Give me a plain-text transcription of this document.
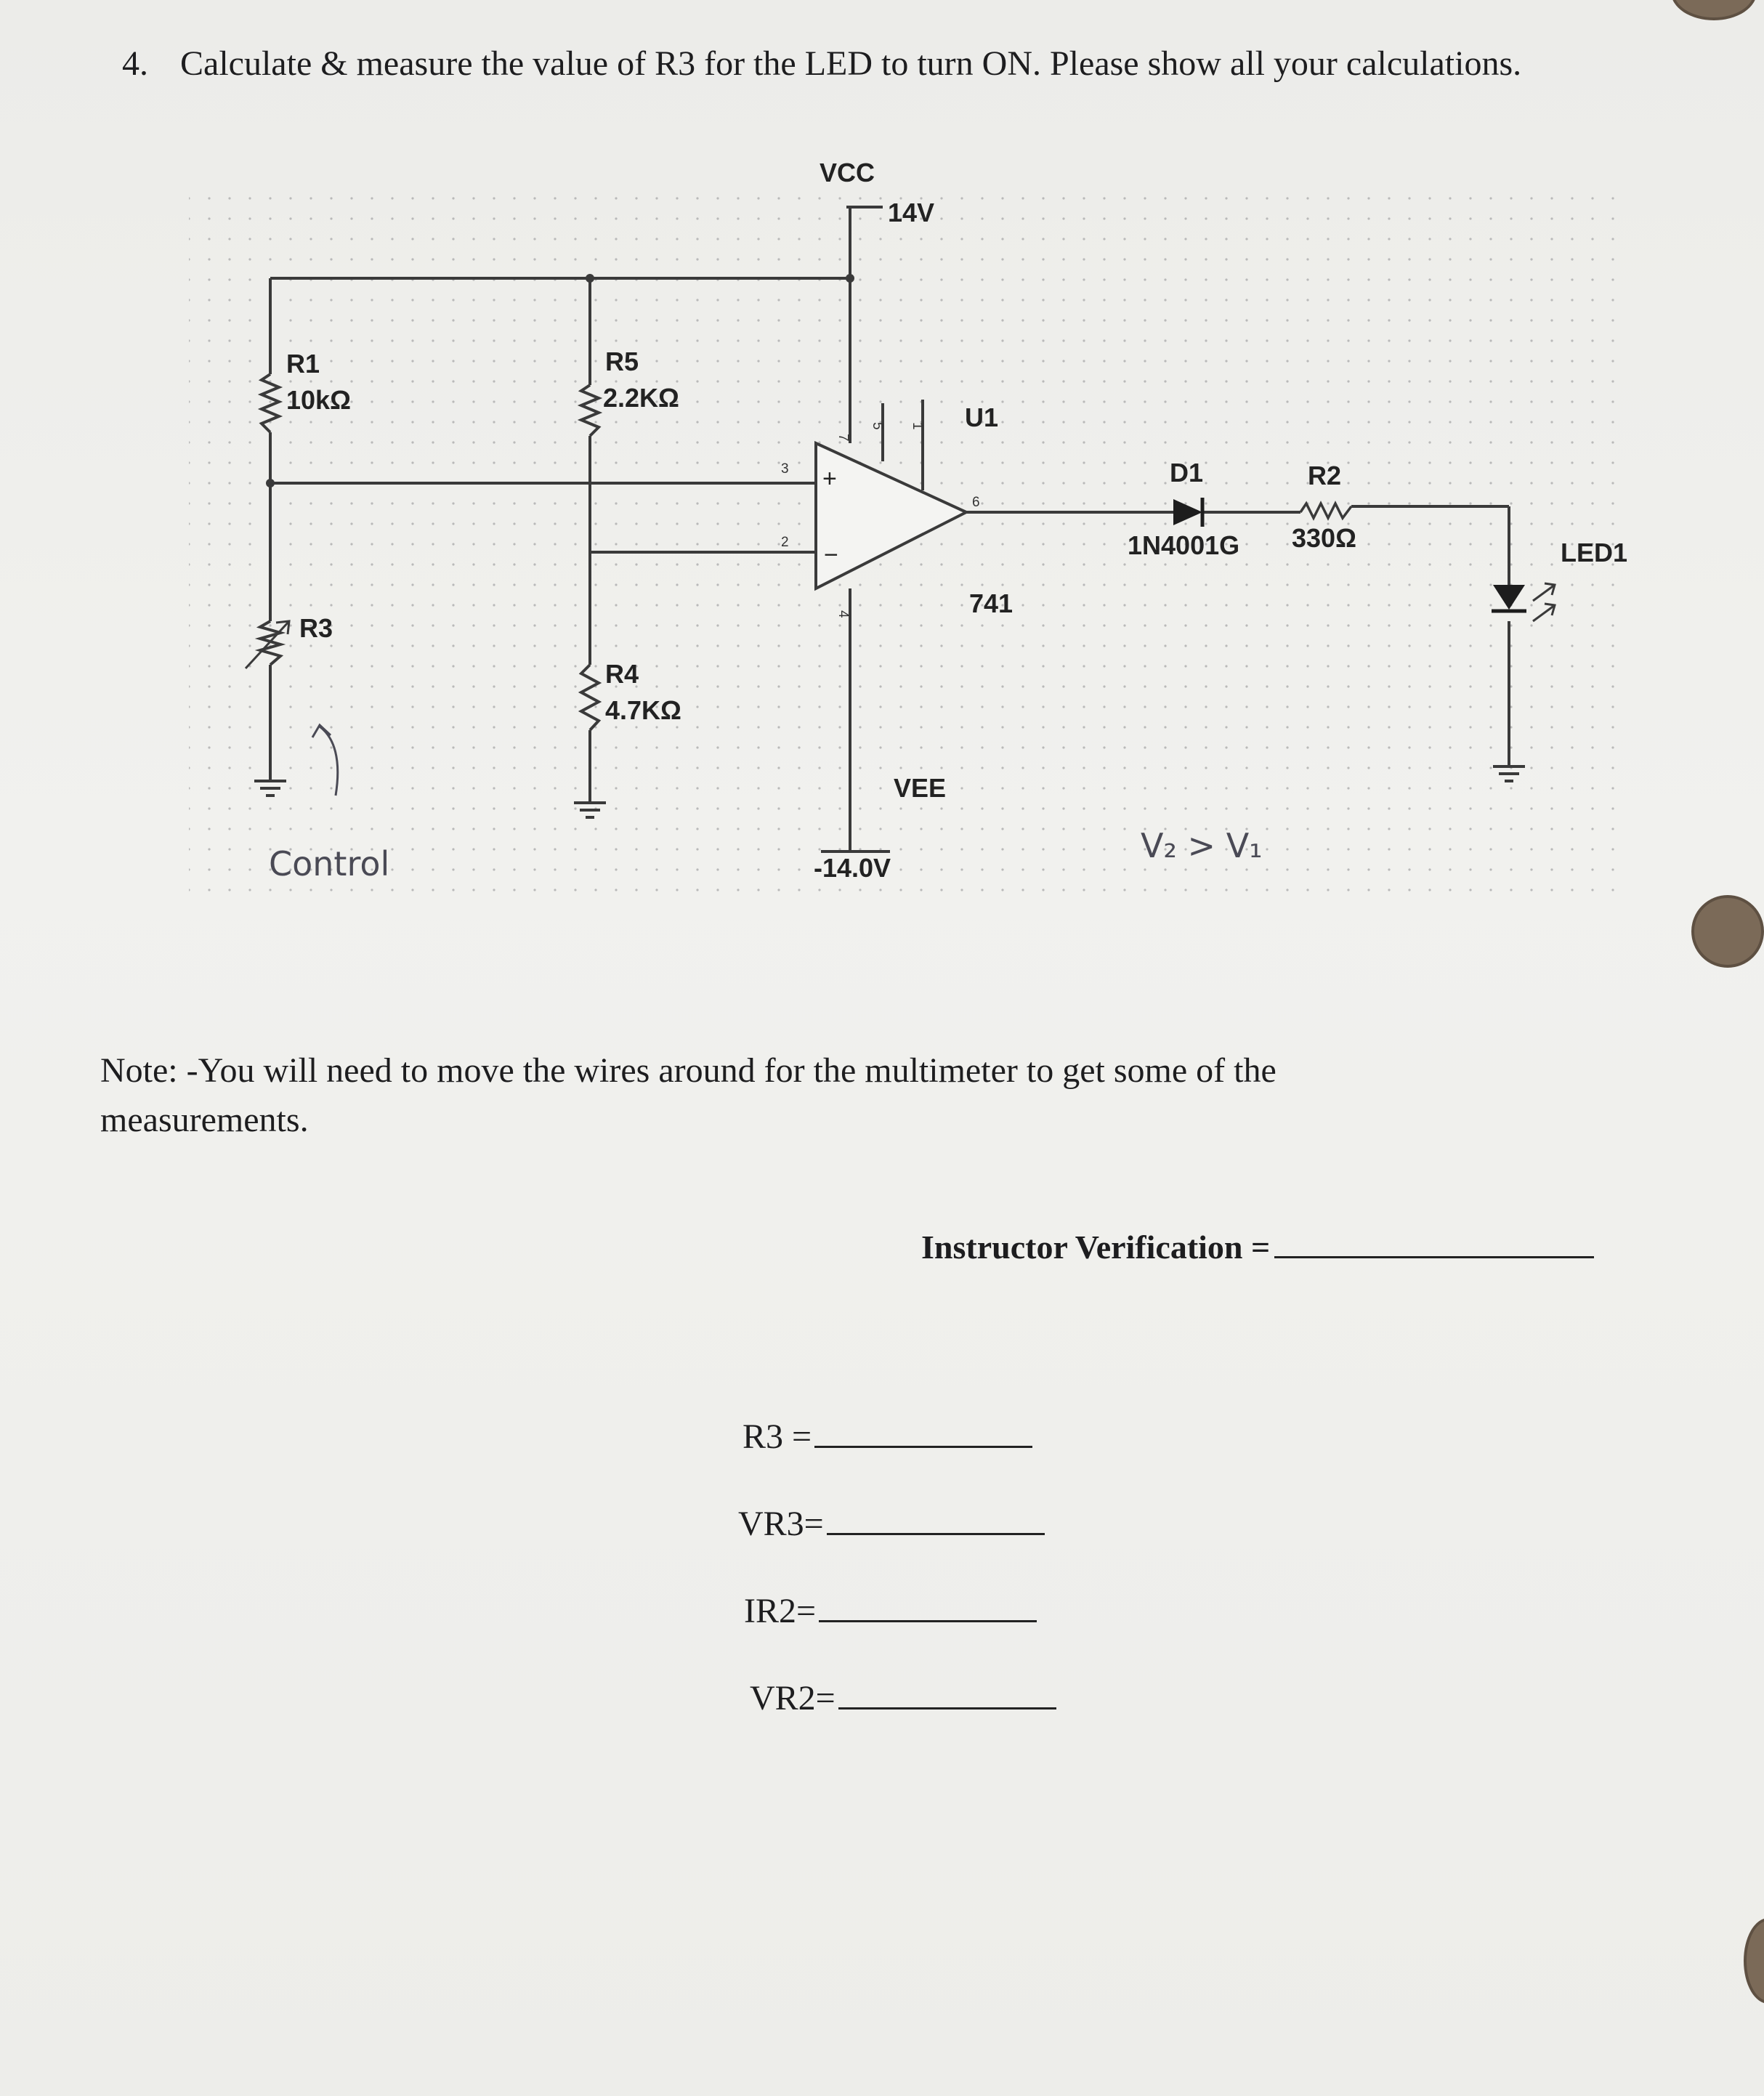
4. Calculate & measure the value of R3 for the LED to turn ON. Please show all your calculations.
+
−
3
2
6
7
4
5 1
VCC
14V
R1
10kΩ
R5
2.2KΩ
R3
R4
4.7KΩ
U1
741
VEE
-14.0V
D1
1N4001G
R2
330Ω	LED1
Control	V₂ > V₁
Note: -You will need to move the wires around for the multimeter to get some of the measurements.
Instructor Verification =
R3 =
VR3=
IR2=
VR2=
